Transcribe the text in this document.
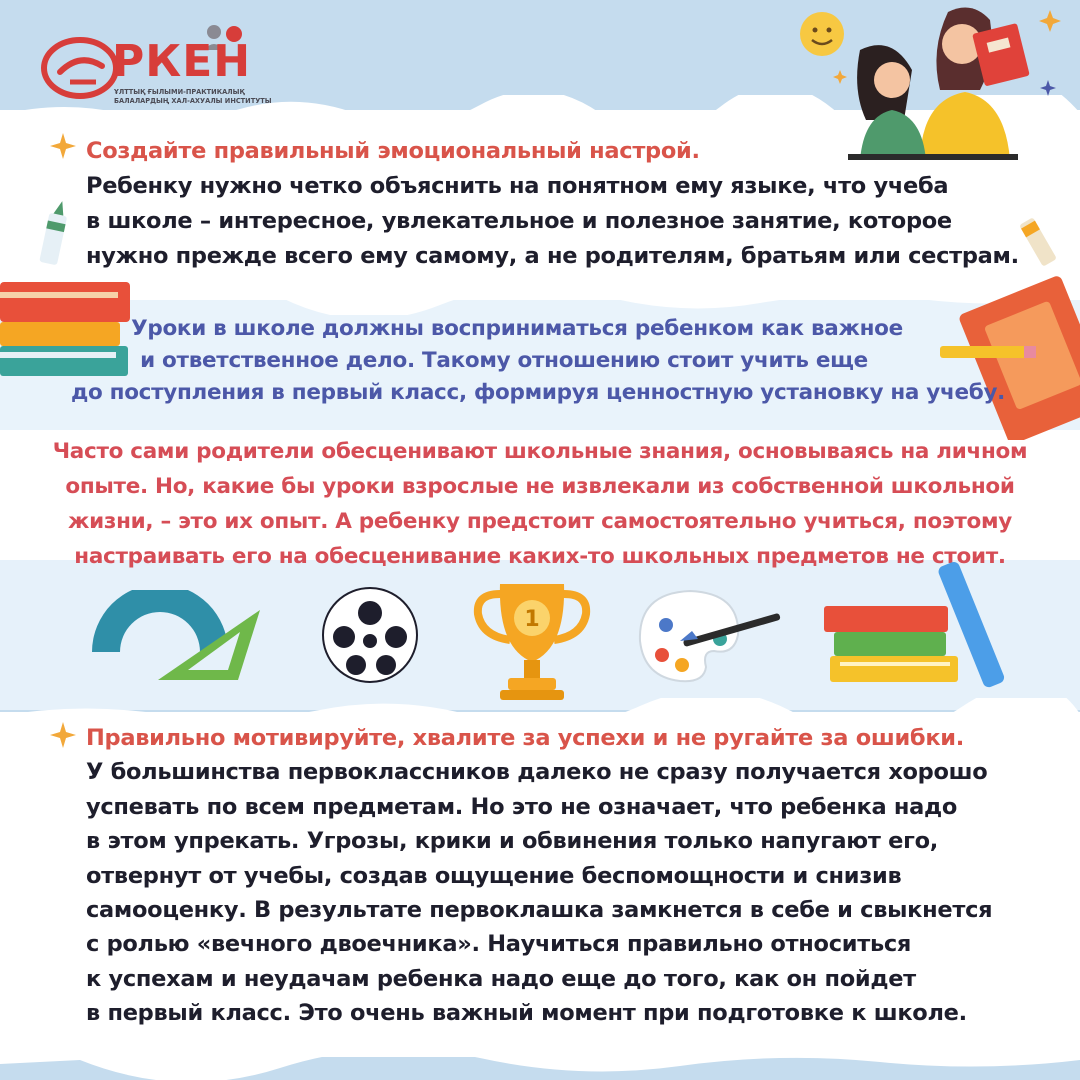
РКЕН
ҰЛТТЫҚ ҒЫЛЫМИ-ПРАКТИКАЛЫҚ
БАЛАЛАРДЫҢ ХАЛ-АХУАЛЫ ИНСТИТУТЫ
Создайте правильный эмоциональный настрой.
Ребенку нужно четко объяснить на понятном ему языке, что учеба
в школе – интересное, увлекательное и полезное занятие, которое
нужно прежде всего ему самому, а не родителям, братьям или сестрам.
Уроки в школе должны восприниматься ребенком как важное
и ответственное дело. Такому отношению стоит учить еще
до поступления в первый класс, формируя ценностную установку на учебу.
Часто сами родители обесценивают школьные знания, основываясь на личном
опыте. Но, какие бы уроки взрослые не извлекали из собственной школьной
жизни, – это их опыт. А ребенку предстоит самостоятельно учиться, поэтому
настраивать его на обесценивание каких-то школьных предметов не стоит.
1
Правильно мотивируйте, хвалите за успехи и не ругайте за ошибки.
У большинства первоклассников далеко не сразу получается хорошо
успевать по всем предметам. Но это не означает, что ребенка надо
в этом упрекать. Угрозы, крики и обвинения только напугают его,
отвернут от учебы, создав ощущение беспомощности и снизив
самооценку. В результате первоклашка замкнется в себе и свыкнется
с ролью «вечного двоечника». Научиться правильно относиться
к успехам и неудачам ребенка надо еще до того, как он пойдет
в первый класс. Это очень важный момент при подготовке к школе.
